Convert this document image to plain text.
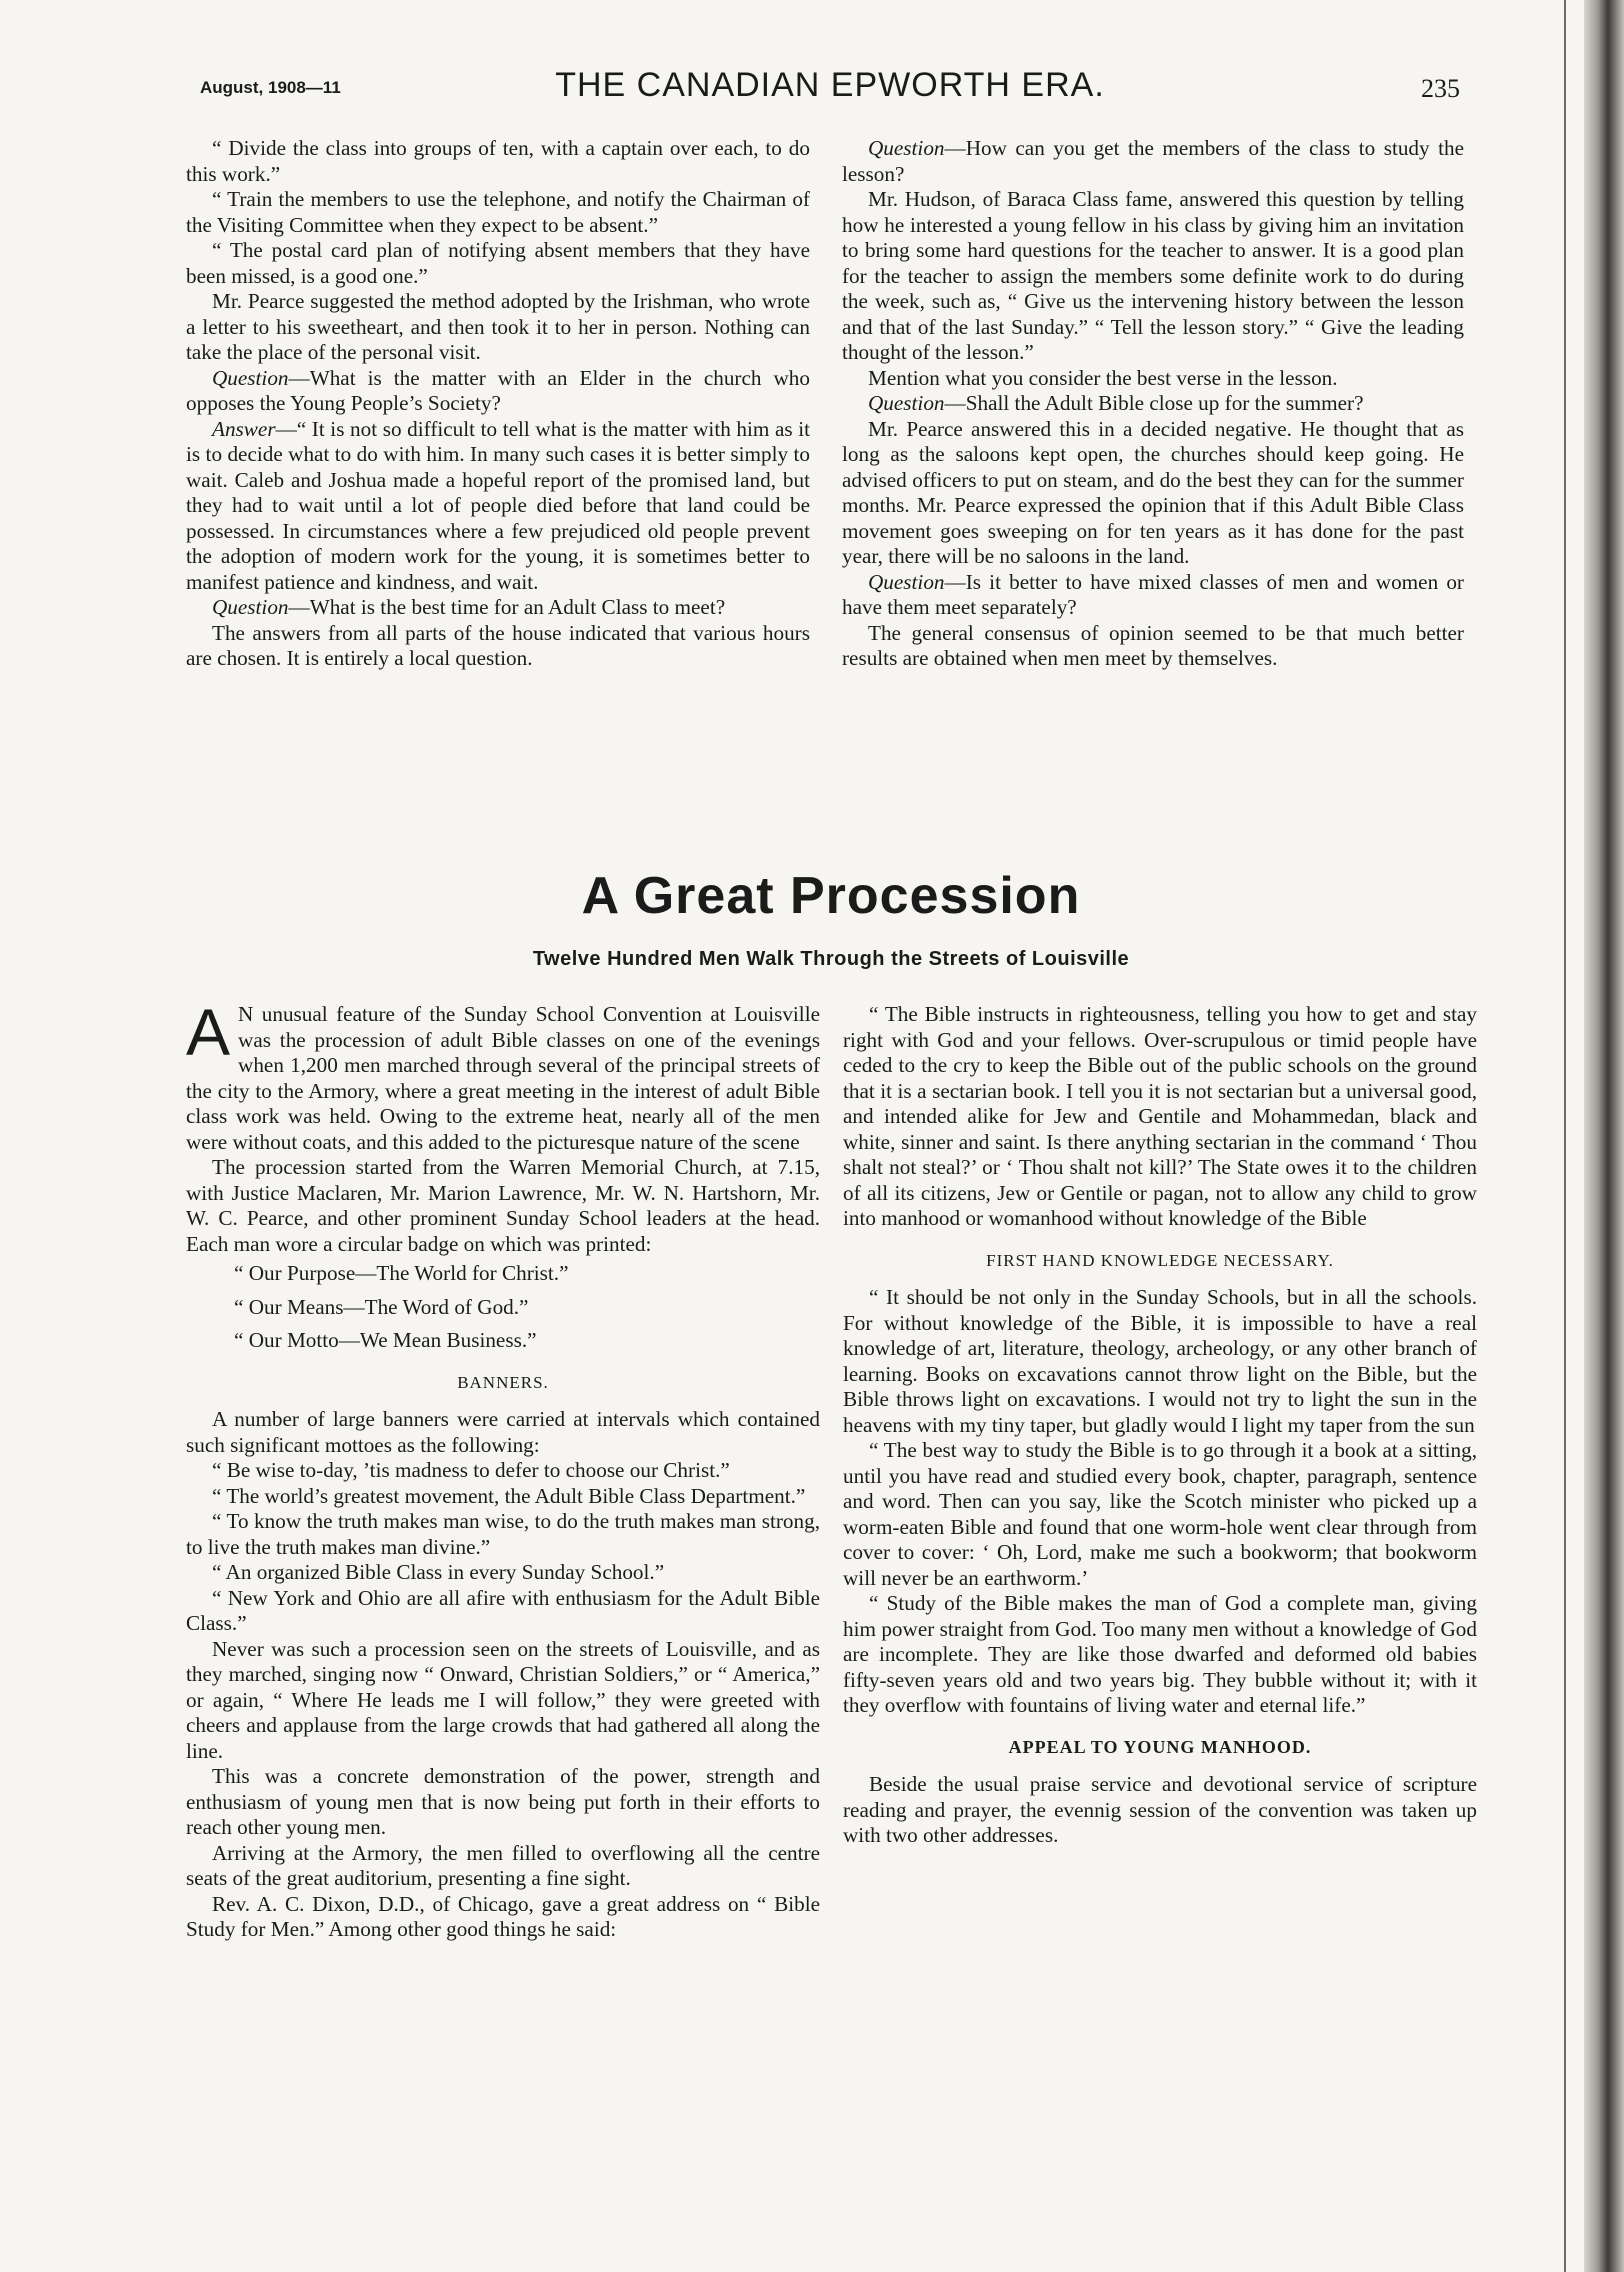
August, 1908—11	THE CANADIAN EPWORTH ERA.	235

“ Divide the class into groups of ten, with a captain over each, to do this work.”

“ Train the members to use the telephone, and notify the Chairman of the Visiting Committee when they expect to be absent.”

“ The postal card plan of notifying absent members that they have been missed, is a good one.”

Mr. Pearce suggested the method adopted by the Irishman, who wrote a letter to his sweetheart, and then took it to her in person. Nothing can take the place of the personal visit.

Question—What is the matter with an Elder in the church who opposes the Young People’s Society?

Answer—“ It is not so difficult to tell what is the matter with him as it is to decide what to do with him. In many such cases it is better simply to wait. Caleb and Joshua made a hopeful report of the promised land, but they had to wait until a lot of people died before that land could be possessed. In circumstances where a few prejudiced old people prevent the adoption of modern work for the young, it is sometimes better to manifest patience and kindness, and wait.

Question—What is the best time for an Adult Class to meet?

The answers from all parts of the house indicated that various hours are chosen. It is entirely a local question.

Question—How can you get the members of the class to study the lesson?

Mr. Hudson, of Baraca Class fame, answered this question by telling how he interested a young fellow in his class by giving him an invitation to bring some hard questions for the teacher to answer. It is a good plan for the teacher to assign the members some definite work to do during the week, such as, “ Give us the intervening history between the lesson and that of the last Sunday.” “ Tell the lesson story.” “ Give the leading thought of the lesson.”

Mention what you consider the best verse in the lesson.

Question—Shall the Adult Bible close up for the summer?

Mr. Pearce answered this in a decided negative. He thought that as long as the saloons kept open, the churches should keep going. He advised officers to put on steam, and do the best they can for the summer months. Mr. Pearce expressed the opinion that if this Adult Bible Class movement goes sweeping on for ten years as it has done for the past year, there will be no saloons in the land.

Question—Is it better to have mixed classes of men and women or have them meet separately?

The general consensus of opinion seemed to be that much better results are obtained when men meet by themselves.

A Great Procession
Twelve Hundred Men Walk Through the Streets of Louisville

A N unusual feature of the Sunday School Convention at Louisville was the procession of adult Bible classes on one of the evenings when 1,200 men marched through several of the principal streets of the city to the Armory, where a great meeting in the interest of adult Bible class work was held. Owing to the extreme heat, nearly all of the men were without coats, and this added to the picturesque nature of the scene

The procession started from the Warren Memorial Church, at 7.15, with Justice Maclaren, Mr. Marion Lawrence, Mr. W. N. Hartshorn, Mr. W. C. Pearce, and other prominent Sunday School leaders at the head. Each man wore a circular badge on which was printed:

“ Our Purpose—The World for Christ.”

“ Our Means—The Word of God.”

“ Our Motto—We Mean Business.”

BANNERS.

A number of large banners were carried at intervals which contained such significant mottoes as the following:

“ Be wise to-day, ’tis madness to defer to choose our Christ.”

“ The world’s greatest movement, the Adult Bible Class Department.”

“ To know the truth makes man wise, to do the truth makes man strong, to live the truth makes man divine.”

“ An organized Bible Class in every Sunday School.”

“ New York and Ohio are all afire with enthusiasm for the Adult Bible Class.”

Never was such a procession seen on the streets of Louisville, and as they marched, singing now “ Onward, Christian Soldiers,” or “ America,” or again, “ Where He leads me I will follow,” they were greeted with cheers and applause from the large crowds that had gathered all along the line.

This was a concrete demonstration of the power, strength and enthusiasm of young men that is now being put forth in their efforts to reach other young men.

Arriving at the Armory, the men filled to overflowing all the centre seats of the great auditorium, presenting a fine sight.

Rev. A. C. Dixon, D.D., of Chicago, gave a great address on “ Bible Study for Men.” Among other good things he said:

“ The Bible instructs in righteousness, telling you how to get and stay right with God and your fellows. Over-scrupulous or timid people have ceded to the cry to keep the Bible out of the public schools on the ground that it is a sectarian book. I tell you it is not sectarian but a universal good, and intended alike for Jew and Gentile and Mohammedan, black and white, sinner and saint. Is there anything sectarian in the command ‘ Thou shalt not steal?’ or ‘ Thou shalt not kill?’ The State owes it to the children of all its citizens, Jew or Gentile or pagan, not to allow any child to grow into manhood or womanhood without knowledge of the Bible

FIRST HAND KNOWLEDGE NECESSARY.

“ It should be not only in the Sunday Schools, but in all the schools. For without knowledge of the Bible, it is impossible to have a real knowledge of art, literature, theology, archeology, or any other branch of learning. Books on excavations cannot throw light on the Bible, but the Bible throws light on excavations. I would not try to light the sun in the heavens with my tiny taper, but gladly would I light my taper from the sun

“ The best way to study the Bible is to go through it a book at a sitting, until you have read and studied every book, chapter, paragraph, sentence and word. Then can you say, like the Scotch minister who picked up a worm-eaten Bible and found that one worm-hole went clear through from cover to cover: ‘ Oh, Lord, make me such a bookworm; that bookworm will never be an earthworm.’

“ Study of the Bible makes the man of God a complete man, giving him power straight from God. Too many men without a knowledge of God are incomplete. They are like those dwarfed and deformed old babies fifty-seven years old and two years big. They bubble without it; with it they overflow with fountains of living water and eternal life.”

APPEAL TO YOUNG MANHOOD.

Beside the usual praise service and devotional service of scripture reading and prayer, the evennig session of the convention was taken up with two other addresses.
